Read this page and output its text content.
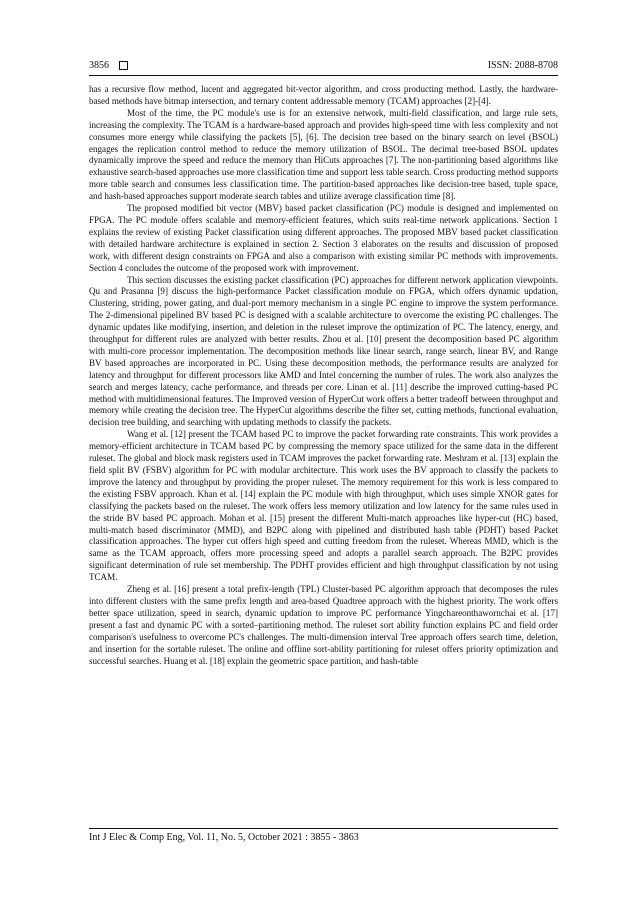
3856	ISSN: 2088-8708

has a recursive flow method, lucent and aggregated bit-vector algorithm, and cross producting method. Lastly, the hardware-based methods have bitmap intersection, and ternary content addressable memory (TCAM) approaches [2]-[4].

Most of the time, the PC module's use is for an extensive network, multi-field classification, and large rule sets, increasing the complexity. The TCAM is a hardware-based approach and provides high-speed time with less complexity and not consumes more energy while classifying the packets [5], [6]. The decision tree based on the binary search on level (BSOL) engages the replication control method to reduce the memory utilization of BSOL. The decimal tree-based BSOL updates dynamically improve the speed and reduce the memory than HiCuts approaches [7]. The non-partitioning based algorithms like exhaustive search-based approaches use more classification time and support less table search. Cross producting method supports more table search and consumes less classification time. The partition-based approaches like decision-tree based, tuple space, and hash-based approaches support moderate search tables and utilize average classification time [8].

The proposed modified bit vector (MBV) based packet classification (PC) module is designed and implemented on FPGA. The PC module offers scalable and memory-efficient features, which suits real-time network applications. Section 1 explains the review of existing Packet classification using different approaches. The proposed MBV based packet classification with detailed hardware architecture is explained in section 2. Section 3 elaborates on the results and discussion of proposed work, with different design constraints on FPGA and also a comparison with existing similar PC methods with improvements. Section 4 concludes the outcome of the proposed work with improvement.

This section discusses the existing packet classification (PC) approaches for different network application viewpoints. Qu and Prasanna [9] discuss the high-performance Packet classification module on FPGA, which offers dynamic updation, Clustering, striding, power gating, and dual-port memory mechanism in a single PC engine to improve the system performance. The 2-dimensional pipelined BV based PC is designed with a scalable architecture to overcome the existing PC challenges. The dynamic updates like modifying, insertion, and deletion in the ruleset improve the optimization of PC. The latency, energy, and throughput for different rules are analyzed with better results. Zhou et al. [10] present the decomposition based PC algorithm with multi-core processor implementation. The decomposition methods like linear search, range search, linear BV, and Range BV based approaches are incorporated in PC. Using these decomposition methods, the performance results are analyzed for latency and throughput for different processors like AMD and Intel concerning the number of rules. The work also analyzes the search and merges latency, cache performance, and threads per core. Linan et al. [11] describe the improved cutting-based PC method with multidimensional features. The Improved version of HyperCut work offers a better tradeoff between throughput and memory while creating the decision tree. The HyperCut algorithms describe the filter set, cutting methods, functional evaluation, decision tree building, and searching with updating methods to classify the packets.

Wang et al. [12] present the TCAM based PC to improve the packet forwarding rate constraints. This work provides a memory-efficient architecture in TCAM based PC by compressing the memory space utilized for the same data in the different ruleset. The global and block mask registers used in TCAM improves the packet forwarding rate. Meshram et al. [13] explain the field split BV (FSBV) algorithm for PC with modular architecture. This work uses the BV approach to classify the packets to improve the latency and throughput by providing the proper ruleset. The memory requirement for this work is less compared to the existing FSBV approach. Khan et al. [14] explain the PC module with high throughput, which uses simple XNOR gates for classifying the packets based on the ruleset. The work offers less memory utilization and low latency for the same rules used in the stride BV based PC approach. Mohan et al. [15] present the different Multi-match approaches like hyper-cut (HC) based, multi-match based discriminator (MMD), and B2PC along with pipelined and distributed hash table (PDHT) based Packet classification approaches. The hyper cut offers high speed and cutting freedom from the ruleset. Whereas MMD, which is the same as the TCAM approach, offers more processing speed and adopts a parallel search approach. The B2PC provides significant determination of rule set membership. The PDHT provides efficient and high throughput classification by not using TCAM.

Zheng et al. [16] present a total prefix-length (TPL) Cluster-based PC algorithm approach that decomposes the rules into different clusters with the same prefix length and area-based Quadtree approach with the highest priority. The work offers better space utilization, speed in search, dynamic updation to improve PC performance Yingchareonthawornchai et al. [17] present a fast and dynamic PC with a sorted–partitioning method. The ruleset sort ability function explains PC and field order comparison's usefulness to overcome PC's challenges. The multi-dimension interval Tree approach offers search time, deletion, and insertion for the sortable ruleset. The online and offline sort-ability partitioning for ruleset offers priority optimization and successful searches. Huang et al. [18] explain the geometric space partition, and hash-table

Int J Elec & Comp Eng, Vol. 11, No. 5, October 2021 : 3855 - 3863
